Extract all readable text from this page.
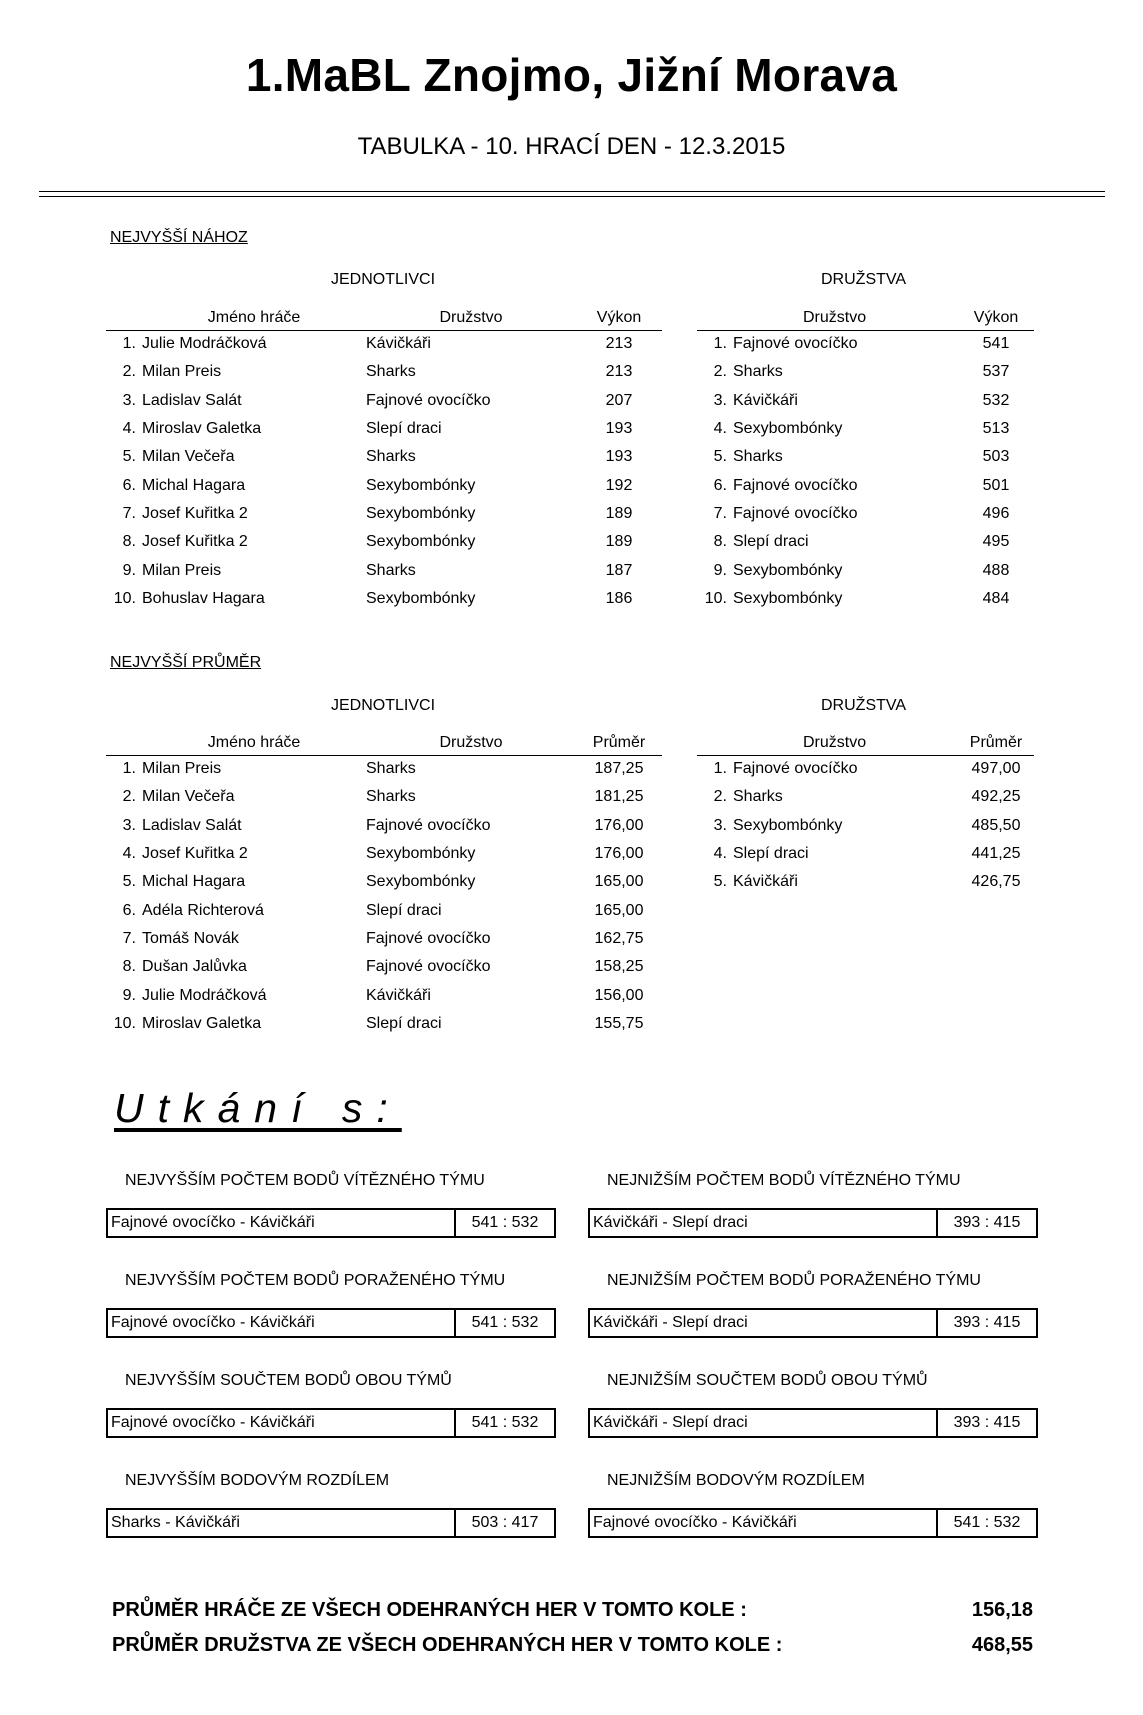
1.MaBL Znojmo, Jižní Morava
TABULKA - 10. HRACÍ DEN - 12.3.2015
NEJVYŠŠÍ NÁHOZ
JEDNOTLIVCI	DRUŽSTVA
	Jméno hráče	Družstvo	Výkon
1.	Julie Modráčková	Kávičkáři	213
2.	Milan Preis	Sharks	213
3.	Ladislav Salát	Fajnové ovocíčko	207
4.	Miroslav Galetka	Slepí draci	193
5.	Milan Večeřa	Sharks	193
6.	Michal Hagara	Sexybombónky	192
7.	Josef Kuřitka 2	Sexybombónky	189
8.	Josef Kuřitka 2	Sexybombónky	189
9.	Milan Preis	Sharks	187
10.	Bohuslav Hagara	Sexybombónky	186
	Družstvo	Výkon
1.	Fajnové ovocíčko	541
2.	Sharks	537
3.	Kávičkáři	532
4.	Sexybombónky	513
5.	Sharks	503
6.	Fajnové ovocíčko	501
7.	Fajnové ovocíčko	496
8.	Slepí draci	495
9.	Sexybombónky	488
10.	Sexybombónky	484
NEJVYŠŠÍ PRŮMĚR
JEDNOTLIVCI	DRUŽSTVA
	Jméno hráče	Družstvo	Průměr
1.	Milan Preis	Sharks	187,25
2.	Milan Večeřa	Sharks	181,25
3.	Ladislav Salát	Fajnové ovocíčko	176,00
4.	Josef Kuřitka 2	Sexybombónky	176,00
5.	Michal Hagara	Sexybombónky	165,00
6.	Adéla Richterová	Slepí draci	165,00
7.	Tomáš Novák	Fajnové ovocíčko	162,75
8.	Dušan Jalůvka	Fajnové ovocíčko	158,25
9.	Julie Modráčková	Kávičkáři	156,00
10.	Miroslav Galetka	Slepí draci	155,75
	Družstvo	Průměr
1.	Fajnové ovocíčko	497,00
2.	Sharks	492,25
3.	Sexybombónky	485,50
4.	Slepí draci	441,25
5.	Kávičkáři	426,75
Utkání s:
NEJVYŠŠÍM POČTEM BODŮ VÍTĚZNÉHO TÝMU
Fajnové ovocíčko - Kávičkáři	541 : 532
NEJNIŽŠÍM POČTEM BODŮ VÍTĚZNÉHO TÝMU
Kávičkáři - Slepí draci	393 : 415
NEJVYŠŠÍM POČTEM BODŮ PORAŽENÉHO TÝMU
Fajnové ovocíčko - Kávičkáři	541 : 532
NEJNIŽŠÍM POČTEM BODŮ PORAŽENÉHO TÝMU
Kávičkáři - Slepí draci	393 : 415
NEJVYŠŠÍM SOUČTEM BODŮ OBOU TÝMŮ
Fajnové ovocíčko - Kávičkáři	541 : 532
NEJNIŽŠÍM SOUČTEM BODŮ OBOU TÝMŮ
Kávičkáři - Slepí draci	393 : 415
NEJVYŠŠÍM BODOVÝM ROZDÍLEM
Sharks - Kávičkáři	503 : 417
NEJNIŽŠÍM BODOVÝM ROZDÍLEM
Fajnové ovocíčko - Kávičkáři	541 : 532
PRŮMĚR HRÁČE ZE VŠECH ODEHRANÝCH HER V TOMTO KOLE :	156,18
PRŮMĚR DRUŽSTVA ZE VŠECH ODEHRANÝCH HER V TOMTO KOLE :	468,55
